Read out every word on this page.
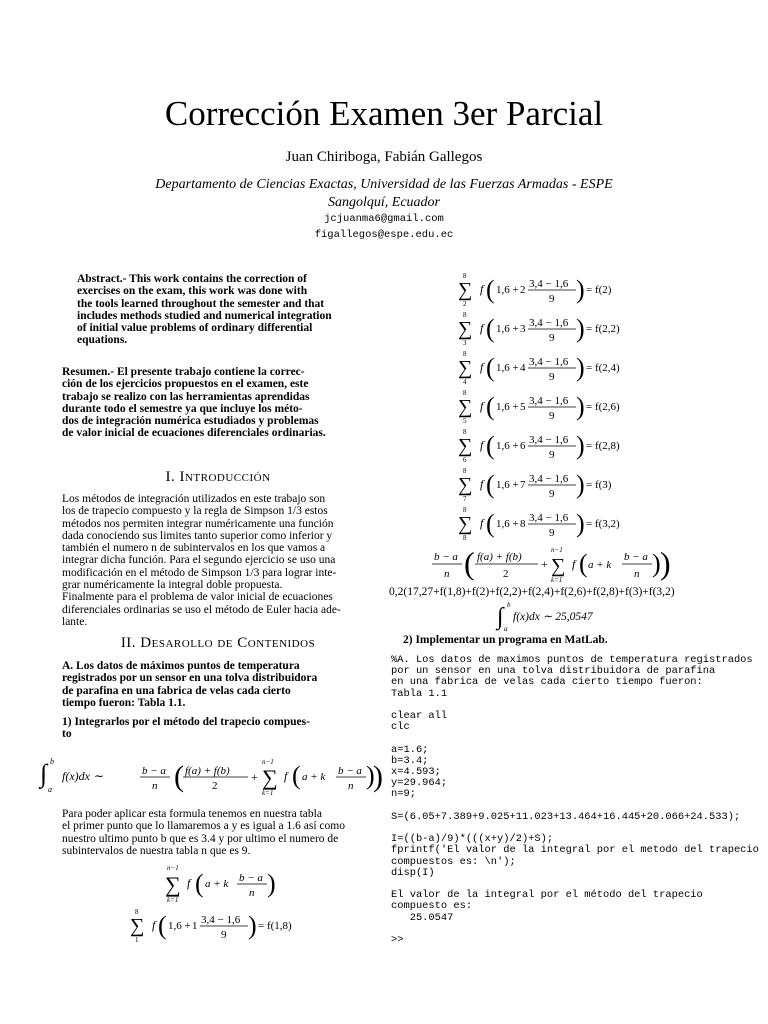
Corrección Examen 3er Parcial
Juan Chiriboga, Fabián Gallegos
Departamento de Ciencias Exactas, Universidad de las Fuerzas Armadas - ESPE
Sangolquí, Ecuador
jcjuanma6@gmail.com
figallegos@espe.edu.ec
Abstract.- This work contains the correction of
exercises on the exam, this work was done with
the tools learned throughout the semester and that
includes methods studied and numerical integration
of initial value problems of ordinary differential
equations.
Resumen.- El presente trabajo contiene la correc-
ción de los ejercicios propuestos en el examen, este
trabajo se realizo con las herramientas aprendidas
durante todo el semestre ya que incluye los méto-
dos de integración numérica estudiados y problemas
de valor inicial de ecuaciones diferenciales ordinarias.
I. Introducción
Los métodos de integración utilizados en este trabajo son
los de trapecio compuesto y la regla de Simpson 1/3 estos
métodos nos permiten integrar numéricamente una función
dada conociendo sus limites tanto superior como inferior y
también el numero n de subintervalos en los que vamos a
integrar dicha función. Para el segundo ejercicio se uso una
modificación en el método de Simpson 1/3 para lograr inte-
grar numéricamente la integral doble propuesta.
Finalmente para el problema de valor inicial de ecuaciones
diferenciales ordinarias se uso el método de Euler hacia ade-
lante.
II. Desarollo de Contenidos
A. Los datos de máximos puntos de temperatura
registrados por un sensor en una tolva distribuidora
de parafina en una fabrica de velas cada cierto
tiempo fueron: Tabla 1.1.
1) Integrarlos por el método del trapecio compues-
to
∫ b
a
f(x)dx ∼	b − a
n ( f(a) + f(b)
2
+ ∑
n−1
k=1
f ( a + k b − a
n )
)
Para poder aplicar esta formula tenemos en nuestra tabla
el primer punto que lo llamaremos a y es igual a 1.6 así como
nuestro ultimo punto b que es 3.4 y por ultimo el numero de
subintervalos de nuestra tabla n que es 9.
∑
n−1
k=1
f ( a + k b − a
n )
∑
8
1
f ( 1,6 + 1 3,4 − 1,6
9 ) = f(1,8)
∑
8
2
f ( 1,6 + 2 3,4 − 1,6
9 ) = f(2)
∑
8
3
f ( 1,6 + 3 3,4 − 1,6
9 ) = f(2,2)
∑
8
4
f ( 1,6 + 4 3,4 − 1,6
9 ) = f(2,4)
∑
8
5
f ( 1,6 + 5 3,4 − 1,6
9 ) = f(2,6)
∑
8
6
f ( 1,6 + 6 3,4 − 1,6
9 ) = f(2,8)
∑
8
7
f ( 1,6 + 7 3,4 − 1,6
9 ) = f(3)
∑
8
8
f ( 1,6 + 8 3,4 − 1,6
9 ) = f(3,2)
b − a
n ( f(a) + f(b)
2
+ ∑
n−1
k=1
f ( a + k
b − a
n ) )
0,2(17,27+f(1,8)+f(2)+f(2,2)+f(2,4)+f(2,6)+f(2,8)+f(3)+f(3,2)
∫ b
a
f(x)dx ∼ 25,0547
2) Implementar un programa en MatLab.
%A. Los datos de maximos puntos de temperatura registrados
por un sensor en una tolva distribuidora de parafina
en una fabrica de velas cada cierto tiempo fueron:
Tabla 1.1

clear all
clc

a=1.6;
b=3.4;
x=4.593;
y=29.964;
n=9;

S=(6.05+7.389+9.025+11.023+13.464+16.445+20.066+24.533);

I=((b-a)/9)*(((x+y)/2)+S);
fprintf('El valor de la integral por el metodo del trapecio
compuestos es: \n');
disp(I)

El valor de la integral por el método del trapecio
compuesto es:
25.0547

>>
